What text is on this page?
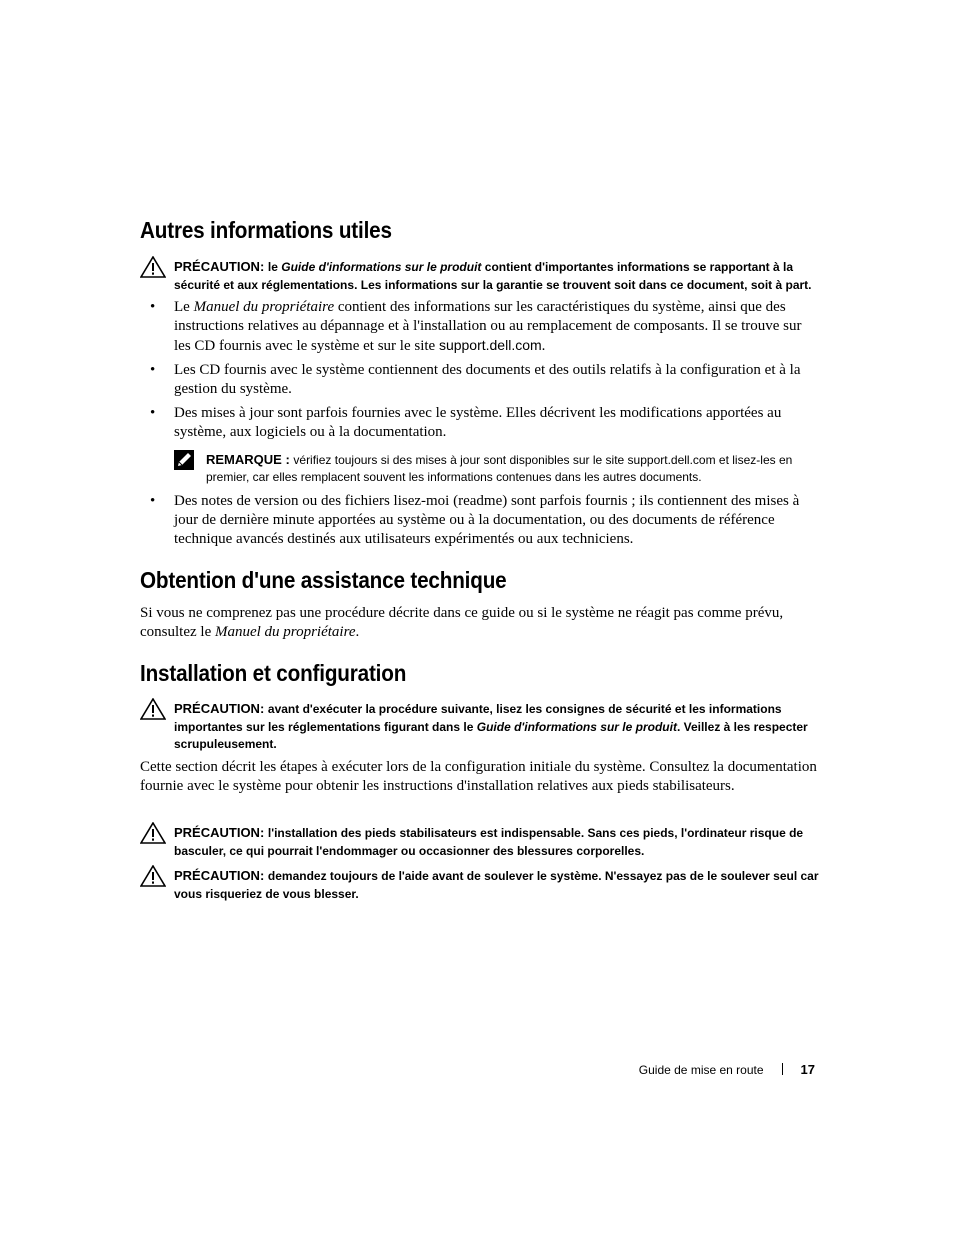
Autres informations utiles
PRÉCAUTION: le Guide d'informations sur le produit contient d'importantes informations se rapportant à la sécurité et aux réglementations. Les informations sur la garantie se trouvent soit dans ce document, soit à part.
• Le Manuel du propriétaire contient des informations sur les caractéristiques du système, ainsi que des instructions relatives au dépannage et à l'installation ou au remplacement de composants. Il se trouve sur les CD fournis avec le système et sur le site support.dell.com.
• Les CD fournis avec le système contiennent des documents et des outils relatifs à la configuration et à la gestion du système.
• Des mises à jour sont parfois fournies avec le système. Elles décrivent les modifications apportées au système, aux logiciels ou à la documentation.
REMARQUE : vérifiez toujours si des mises à jour sont disponibles sur le site support.dell.com et lisez-les en premier, car elles remplacent souvent les informations contenues dans les autres documents.
• Des notes de version ou des fichiers lisez-moi (readme) sont parfois fournis ; ils contiennent des mises à jour de dernière minute apportées au système ou à la documentation, ou des documents de référence technique avancés destinés aux utilisateurs expérimentés ou aux techniciens.
Obtention d'une assistance technique
Si vous ne comprenez pas une procédure décrite dans ce guide ou si le système ne réagit pas comme prévu, consultez le Manuel du propriétaire.
Installation et configuration
PRÉCAUTION: avant d'exécuter la procédure suivante, lisez les consignes de sécurité et les informations importantes sur les réglementations figurant dans le Guide d'informations sur le produit. Veillez à les respecter scrupuleusement.
Cette section décrit les étapes à exécuter lors de la configuration initiale du système. Consultez la documentation fournie avec le système pour obtenir les instructions d'installation relatives aux pieds stabilisateurs.
PRÉCAUTION: l'installation des pieds stabilisateurs est indispensable. Sans ces pieds, l'ordinateur risque de basculer, ce qui pourrait l'endommager ou occasionner des blessures corporelles.
PRÉCAUTION: demandez toujours de l'aide avant de soulever le système. N'essayez pas de le soulever seul car vous risqueriez de vous blesser.
Guide de mise en route	17
